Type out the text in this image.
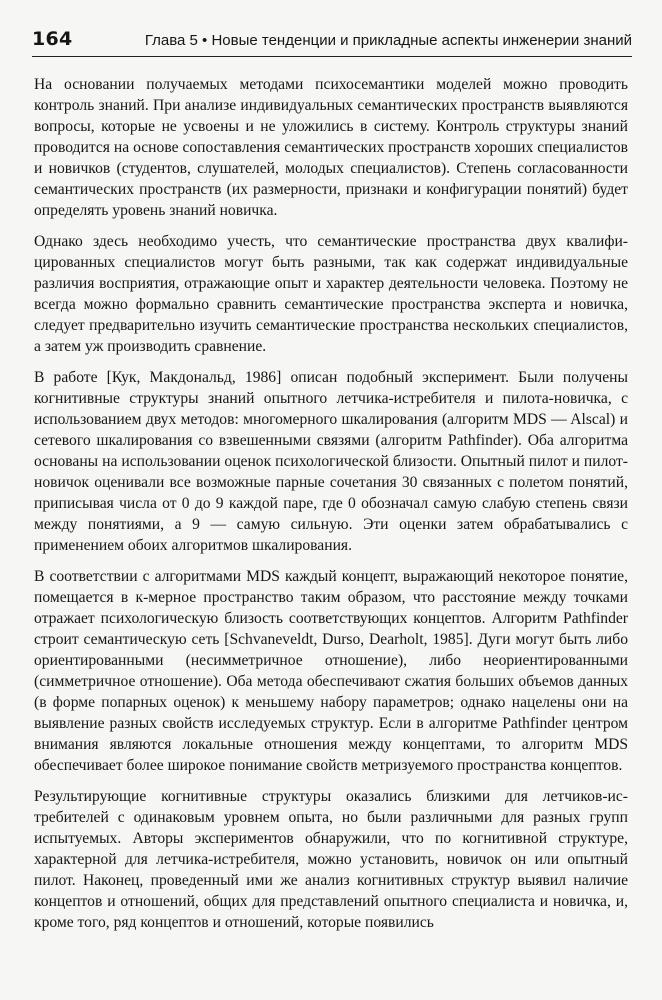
164	Глава 5 • Новые тенденции и прикладные аспекты инженерии знаний

На основании получаемых методами психосемантики моделей можно проводить контроль знаний. При анализе индивидуальных семантических пространств выявляются вопросы, которые не усвоены и не уложились в систему. Контроль структуры знаний проводится на основе сопоставления семантических пространств хороших специалистов и новичков (студентов, слушателей, молодых специалистов). Степень согласованности семантических пространств (их размерности, признаки и конфигурации понятий) будет определять уровень знаний новичка.

Однако здесь необходимо учесть, что семантические пространства двух квалифицированных специалистов могут быть разными, так как содержат индивидуальные различия восприятия, отражающие опыт и характер деятельности человека. Поэтому не всегда можно формально сравнить семантические пространства эксперта и новичка, следует предварительно изучить семантические пространства нескольких специалистов, а затем уж производить сравнение.

В работе [Кук, Макдональд, 1986] описан подобный эксперимент. Были получены когнитивные структуры знаний опытного летчика-истребителя и пилота-новичка, с использованием двух методов: многомерного шкалирования (алгоритм MDS — Alscal) и сетевого шкалирования со взвешенными связями (алгоритм Pathfinder). Оба алгоритма основаны на использовании оценок психологической близости. Опытный пилот и пилот-новичок оценивали все возможные парные сочетания 30 связанных с полетом понятий, приписывая числа от 0 до 9 каждой паре, где 0 обозначал самую слабую степень связи между понятиями, а 9 — самую сильную. Эти оценки затем обрабатывались с применением обоих алгоритмов шкалирования.

В соответствии с алгоритмами MDS каждый концепт, выражающий некоторое понятие, помещается в к-мерное пространство таким образом, что расстояние между точками отражает психологическую близость соответствующих концептов. Алгоритм Pathfinder строит семантическую сеть [Schvaneveldt, Durso, Dearholt, 1985]. Дуги могут быть либо ориентированными (несимметричное отношение), либо неориентированными (симметричное отношение). Оба метода обеспечивают сжатия больших объемов данных (в форме попарных оценок) к меньшему набору параметров; однако нацелены они на выявление разных свойств исследуемых структур. Если в алгоритме Pathfinder центром внимания являются локальные отношения между концептами, то алгоритм MDS обеспечивает более широкое понимание свойств метризуемого пространства концептов.

Результирующие когнитивные структуры оказались близкими для летчиков-истребителей с одинаковым уровнем опыта, но были различными для разных групп испытуемых. Авторы экспериментов обнаружили, что по когнитивной структуре, характерной для летчика-истребителя, можно установить, новичок он или опытный пилот. Наконец, проведенный ими же анализ когнитивных структур выявил наличие концептов и отношений, общих для представлений опытного специалиста и новичка, и, кроме того, ряд концептов и отношений, которые появились
